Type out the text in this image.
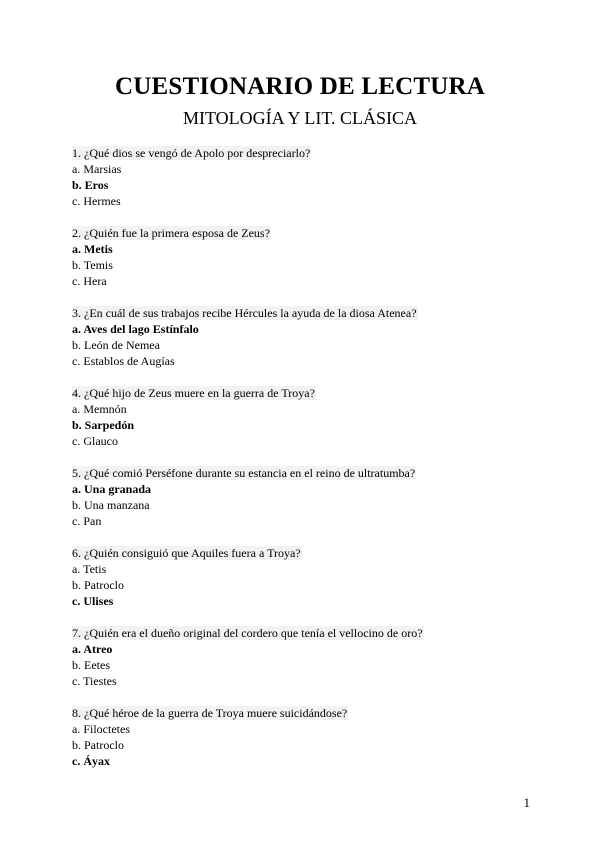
CUESTIONARIO DE LECTURA
MITOLOGÍA Y LIT. CLÁSICA
1. ¿Qué dios se vengó de Apolo por despreciarlo?
a. Marsias
b. Eros
c. Hermes
2. ¿Quién fue la primera esposa de Zeus?
a. Metis
b. Temis
c. Hera
3. ¿En cuál de sus trabajos recibe Hércules la ayuda de la diosa Atenea?
a. Aves del lago Estínfalo
b. León de Nemea
c. Establos de Augías
4. ¿Qué hijo de Zeus muere en la guerra de Troya?
a. Memnón
b. Sarpedón
c. Glauco
5. ¿Qué comió Perséfone durante su estancia en el reino de ultratumba?
a. Una granada
b. Una manzana
c. Pan
6. ¿Quién consiguió que Aquiles fuera a Troya?
a. Tetis
b. Patroclo
c. Ulises
7. ¿Quién era el dueño original del cordero que tenía el vellocino de oro?
a. Atreo
b. Eetes
c. Tiestes
8. ¿Qué héroe de la guerra de Troya muere suicidándose?
a. Filoctetes
b. Patroclo
c. Áyax
1
